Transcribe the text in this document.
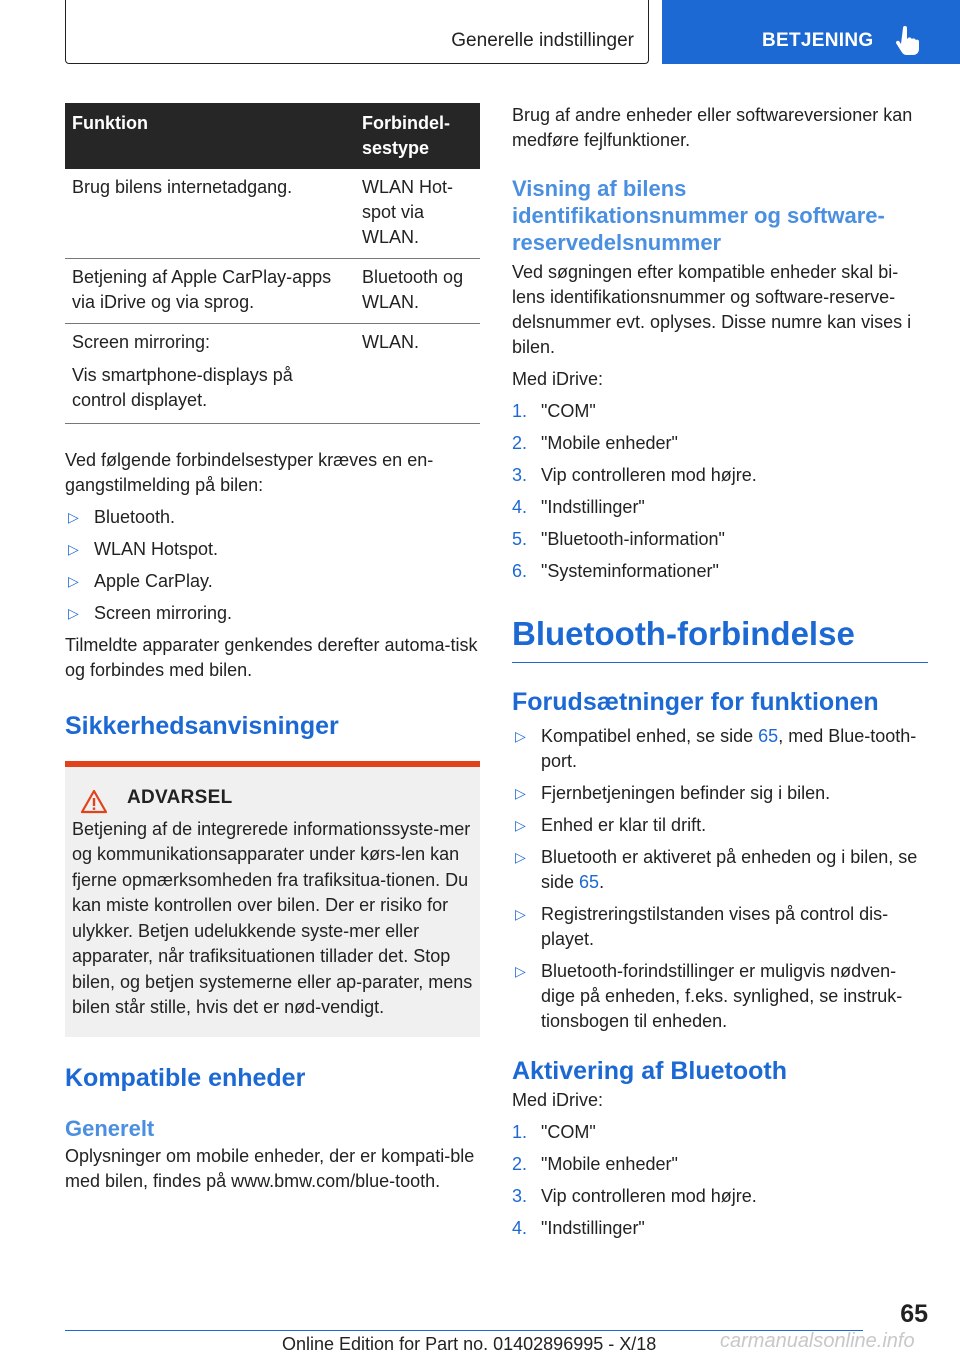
Generelle indstillinger	BETJENING
Funktion	Forbindel-
sestype

Brug bilens internetadgang.	WLAN Hot-
spot via
WLAN.

Betjening af Apple CarPlay-apps via iDrive og via sprog.	Bluetooth og
WLAN.

Screen mirroring:

Vis smartphone-displays på control displayet.	WLAN.

Ved følgende forbindelsestyper kræves en en-gangstilmelding på bilen:

▷ Bluetooth.
▷ WLAN Hotspot.
▷ Apple CarPlay.
▷ Screen mirroring.

Tilmeldte apparater genkendes derefter automa-tisk og forbindes med bilen.

Sikkerhedsanvisninger
ADVARSEL

Betjening af de integrerede informationssyste-mer og kommunikationsapparater under kørs-len kan fjerne opmærksomheden fra trafiksitua-tionen. Du kan miste kontrollen over bilen. Der er risiko for ulykker. Betjen udelukkende syste-mer eller apparater, når trafiksituationen tillader det. Stop bilen, og betjen systemerne eller ap-parater, mens bilen står stille, hvis det er nød-vendigt.

Kompatible enheder
Generelt

Oplysninger om mobile enheder, der er kompati-ble med bilen, findes på www.bmw.com/blue-tooth.

Brug af andre enheder eller softwareversioner kan medføre fejlfunktioner.

Visning af bilens identifikationsnummer og software-reservedelsnummer

Ved søgningen efter kompatible enheder skal bi-lens identifikationsnummer og software-reserve-delsnummer evt. oplyses. Disse numre kan vises i bilen.

Med iDrive:

1. "COM"
2. "Mobile enheder"
3. Vip controlleren mod højre.
4. "Indstillinger"
5. "Bluetooth-information"
6. "Systeminformationer"
Bluetooth-forbindelse
Forudsætninger for funktionen
▷ Kompatibel enhed, se side 65, med Blue-tooth-port.
▷ Fjernbetjeningen befinder sig i bilen.
▷ Enhed er klar til drift.
▷ Bluetooth er aktiveret på enheden og i bilen, se side 65.
▷ Registreringstilstanden vises på control dis-playet.
▷ Bluetooth-forindstillinger er muligvis nødven-dige på enheden, f.eks. synlighed, se instruk-tionsbogen til enheden.
Aktivering af Bluetooth

Med iDrive:

1. "COM"
2. "Mobile enheder"
3. Vip controlleren mod højre.
4. "Indstillinger"
65
Online Edition for Part no. 01402896995 - X/18	carmanualsonline.info
